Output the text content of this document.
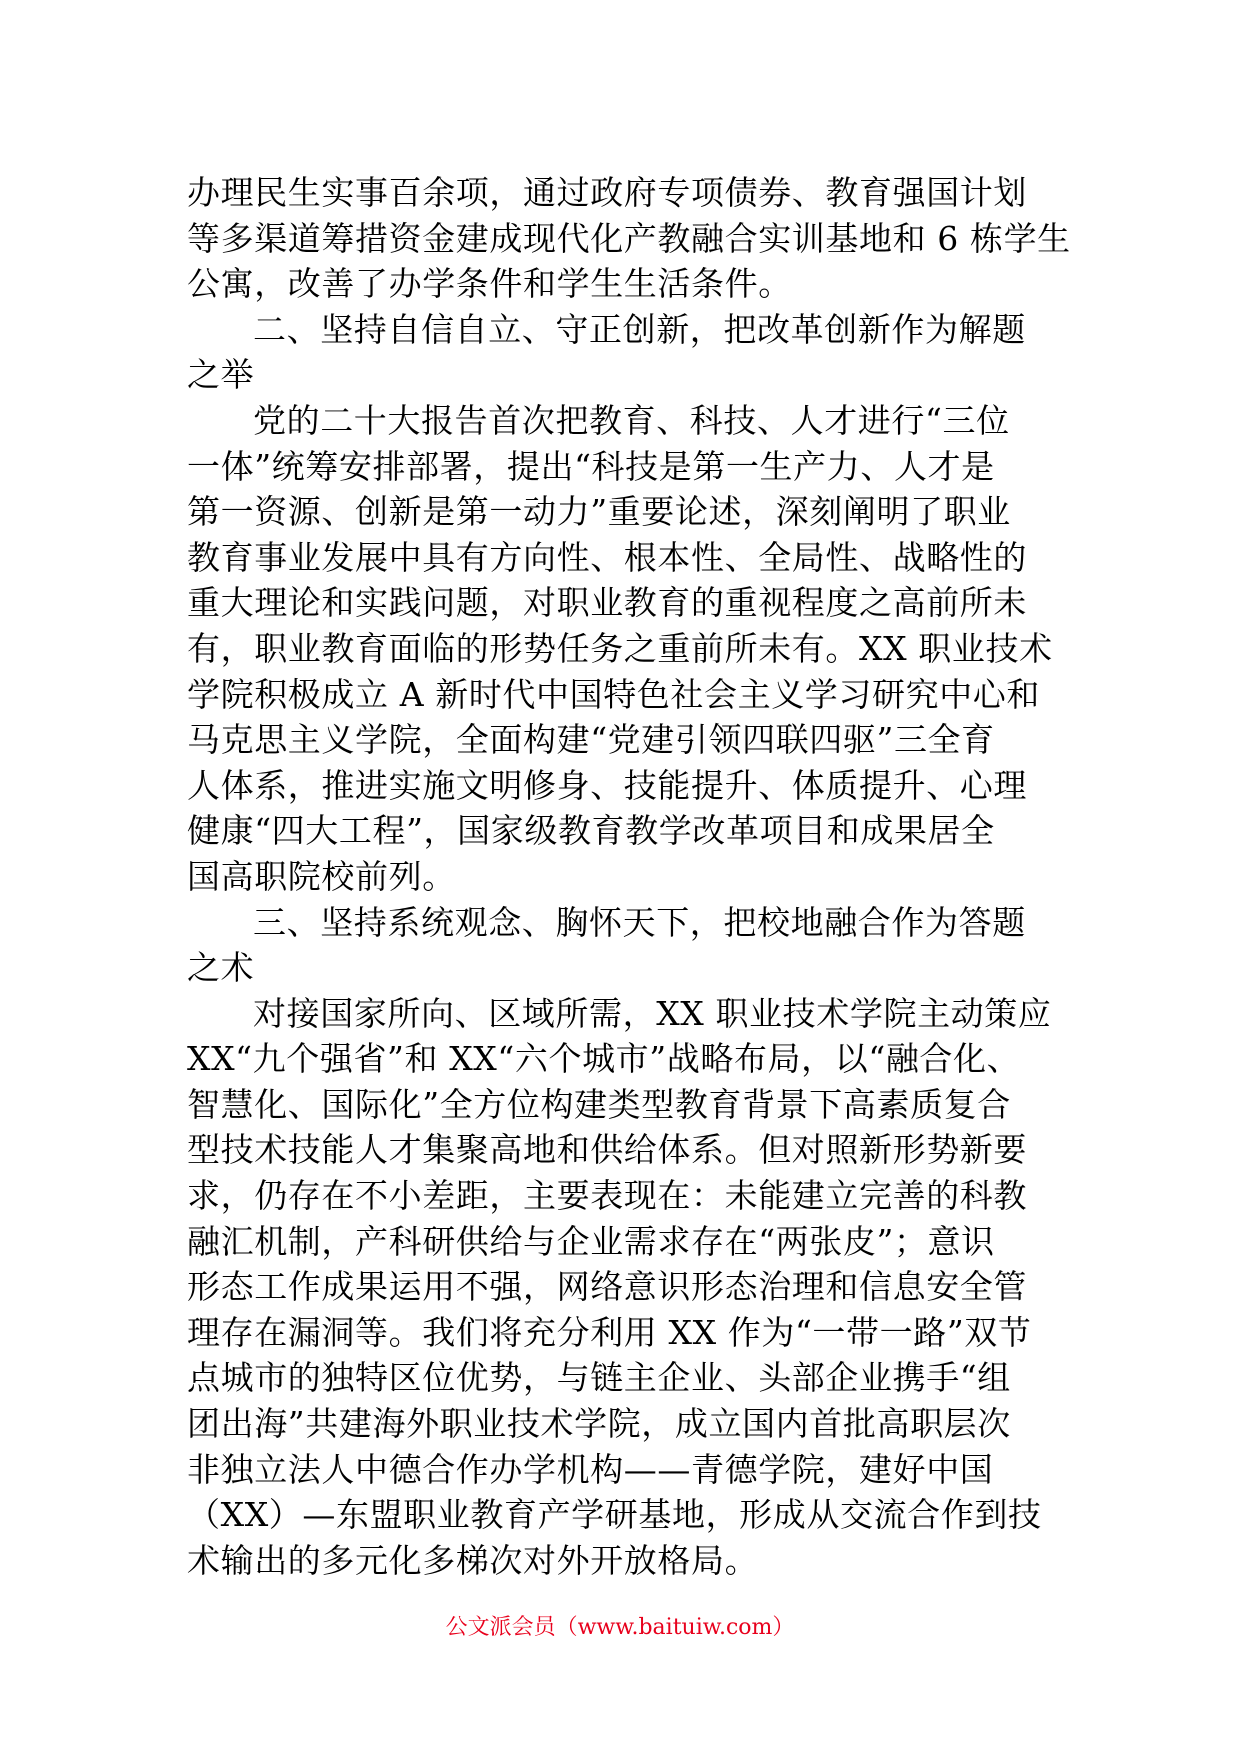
办理民生实事百余项，通过政府专项债券、教育强国计划
等多渠道筹措资金建成现代化产教融合实训基地和 6 栋学生
公寓，改善了办学条件和学生生活条件。
二、坚持自信自立、守正创新，把改革创新作为解题
之举
党的二十大报告首次把教育、科技、人才进行“三位
一体”统筹安排部署，提出“科技是第一生产力、人才是
第一资源、创新是第一动力”重要论述，深刻阐明了职业
教育事业发展中具有方向性、根本性、全局性、战略性的
重大理论和实践问题，对职业教育的重视程度之高前所未
有，职业教育面临的形势任务之重前所未有。XX 职业技术
学院积极成立 A 新时代中国特色社会主义学习研究中心和
马克思主义学院，全面构建“党建引领四联四驱”三全育
人体系，推进实施文明修身、技能提升、体质提升、心理
健康“四大工程”，国家级教育教学改革项目和成果居全
国高职院校前列。
三、坚持系统观念、胸怀天下，把校地融合作为答题
之术
对接国家所向、区域所需，XX 职业技术学院主动策应
XX“九个强省”和 XX“六个城市”战略布局，以“融合化、
智慧化、国际化”全方位构建类型教育背景下高素质复合
型技术技能人才集聚高地和供给体系。但对照新形势新要
求，仍存在不小差距，主要表现在：未能建立完善的科教
融汇机制，产科研供给与企业需求存在“两张皮”；意识
形态工作成果运用不强，网络意识形态治理和信息安全管
理存在漏洞等。我们将充分利用 XX 作为“一带一路”双节
点城市的独特区位优势，与链主企业、头部企业携手“组
团出海”共建海外职业技术学院，成立国内首批高职层次
非独立法人中德合作办学机构——青德学院，建好中国
（XX）—东盟职业教育产学研基地，形成从交流合作到技
术输出的多元化多梯次对外开放格局。
公文派会员（www.baituiw.com）
